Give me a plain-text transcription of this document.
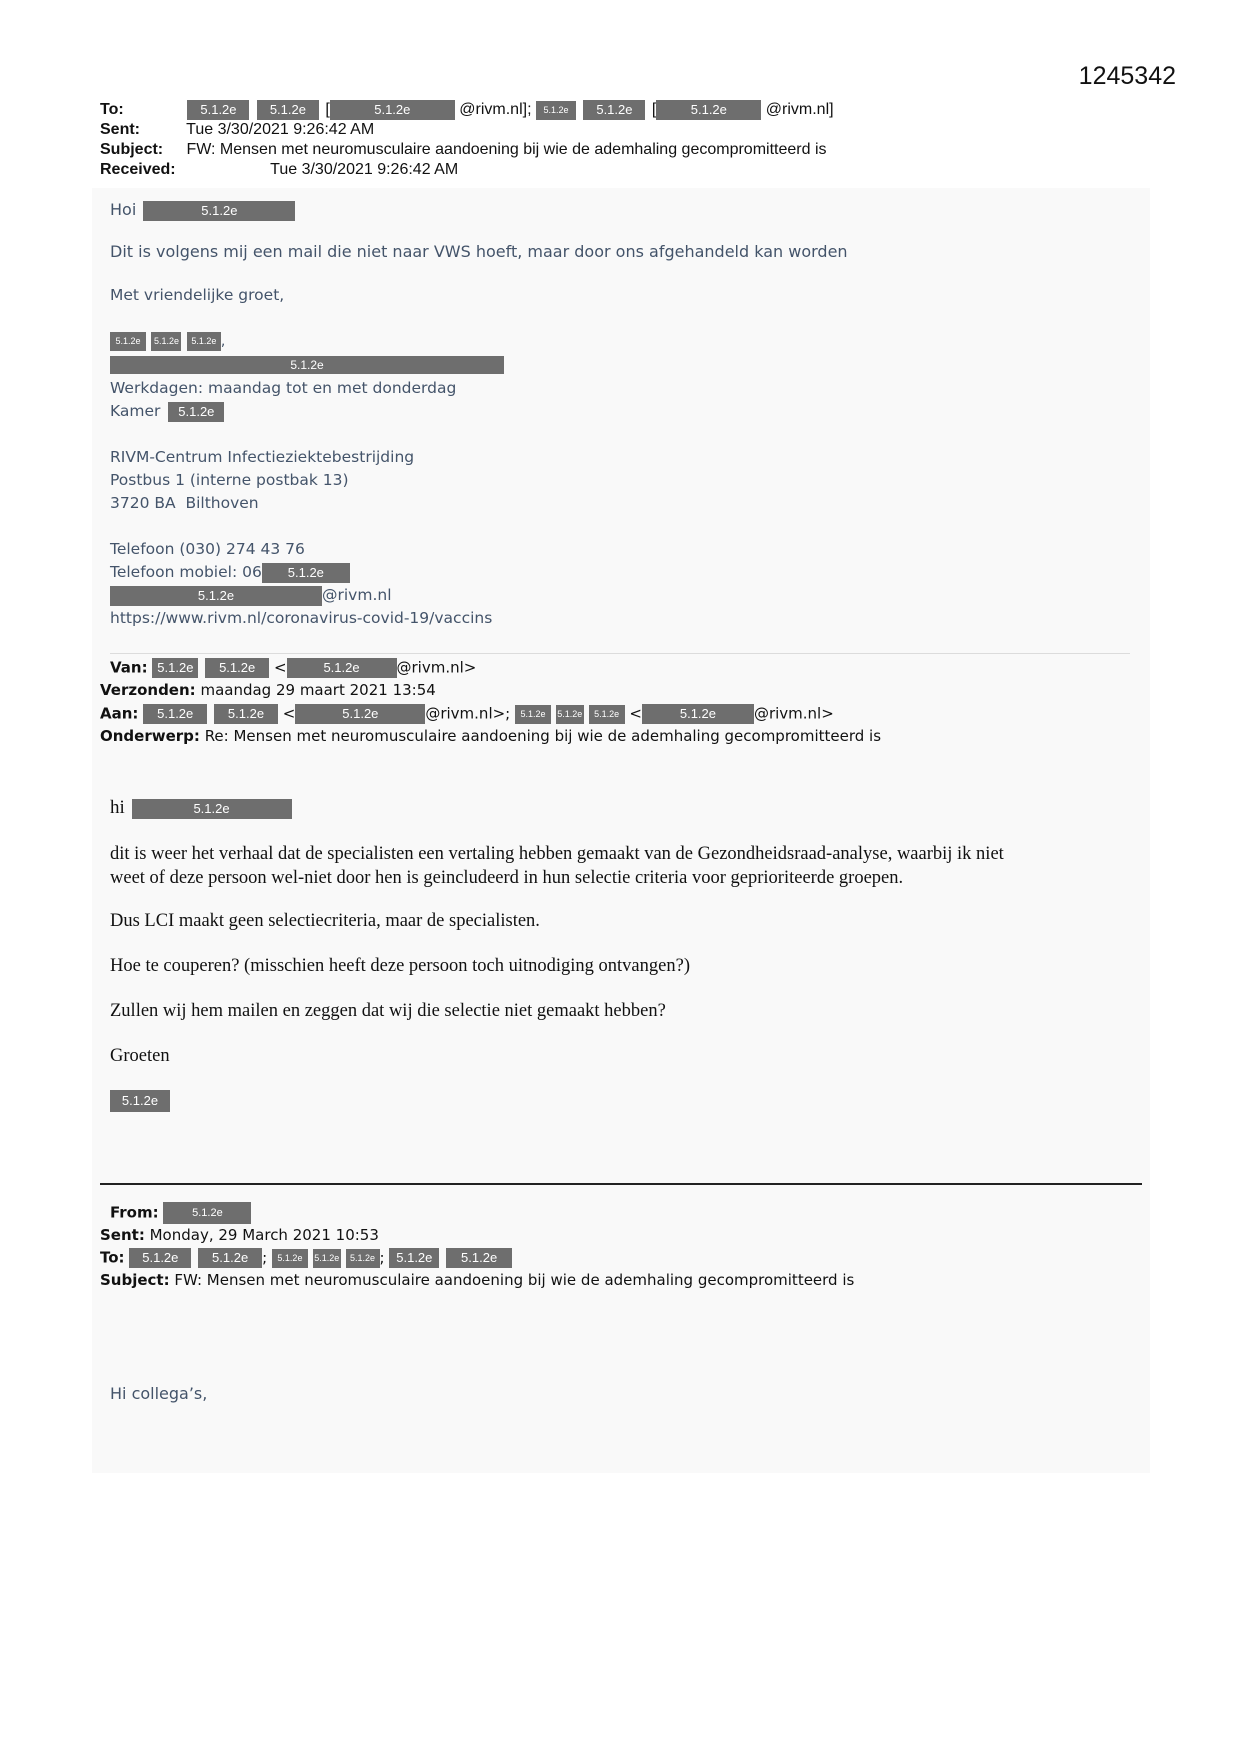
1245342
To:	5.1.2e	5.1.2e [	5.1.2e	@rivm.nl]; 5.1.2e 5.1.2e [	5.1.2e @rivm.nl]
Sent:	Tue 3/30/2021 9:26:42 AM
Subject: FW: Mensen met neuromusculaire aandoening bij wie de ademhaling gecompromitteerd is
Received:	Tue 3/30/2021 9:26:42 AM
Hoi	5.1.2e
Dit is volgens mij een mail die niet naar VWS hoeft, maar door ons afgehandeld kan worden
Met vriendelijke groet,
5.1.2e 5.1.2e 5.1.2e ,
5.1.2e
Werkdagen: maandag tot en met donderdag
Kamer 5.1.2e
RIVM-Centrum Infectieziektebestrijding
Postbus 1 (interne postbak 13)
3720 BA  Bilthoven
Telefoon (030) 274 43 76
Telefoon mobiel: 06 5.1.2e
5.1.2e	@rivm.nl
https://www.rivm.nl/coronavirus-covid-19/vaccins
Van: 5.1.2e 5.1.2e <	5.1.2e @rivm.nl>
Verzonden: maandag 29 maart 2021 13:54
Aan: 5.1.2e	5.1.2e <	5.1.2e	@rivm.nl>; 5.1.2e 5.1.2e 5.1.2e <	5.1.2e	@rivm.nl>
Onderwerp: Re: Mensen met neuromusculaire aandoening bij wie de ademhaling gecompromitteerd is
hi	5.1.2e
dit is weer het verhaal dat de specialisten een vertaling hebben gemaakt van de Gezondheidsraad-analyse, waarbij ik niet
weet of deze persoon wel-niet door hen is geincludeerd in hun selectie criteria voor geprioriteerde groepen.
Dus LCI maakt geen selectiecriteria, maar de specialisten.
Hoe te couperen? (misschien heeft deze persoon toch uitnodiging ontvangen?)
Zullen wij hem mailen en zeggen dat wij die selectie niet gemaakt hebben?
Groeten
5.1.2e
From:	5.1.2e
Sent: Monday, 29 March 2021 10:53
To: 5.1.2e	5.1.2e ; 5.1.2e 5.1.2e 5.1.2e ; 5.1.2e 5.1.2e
Subject: FW: Mensen met neuromusculaire aandoening bij wie de ademhaling gecompromitteerd is
Hi collega’s,
